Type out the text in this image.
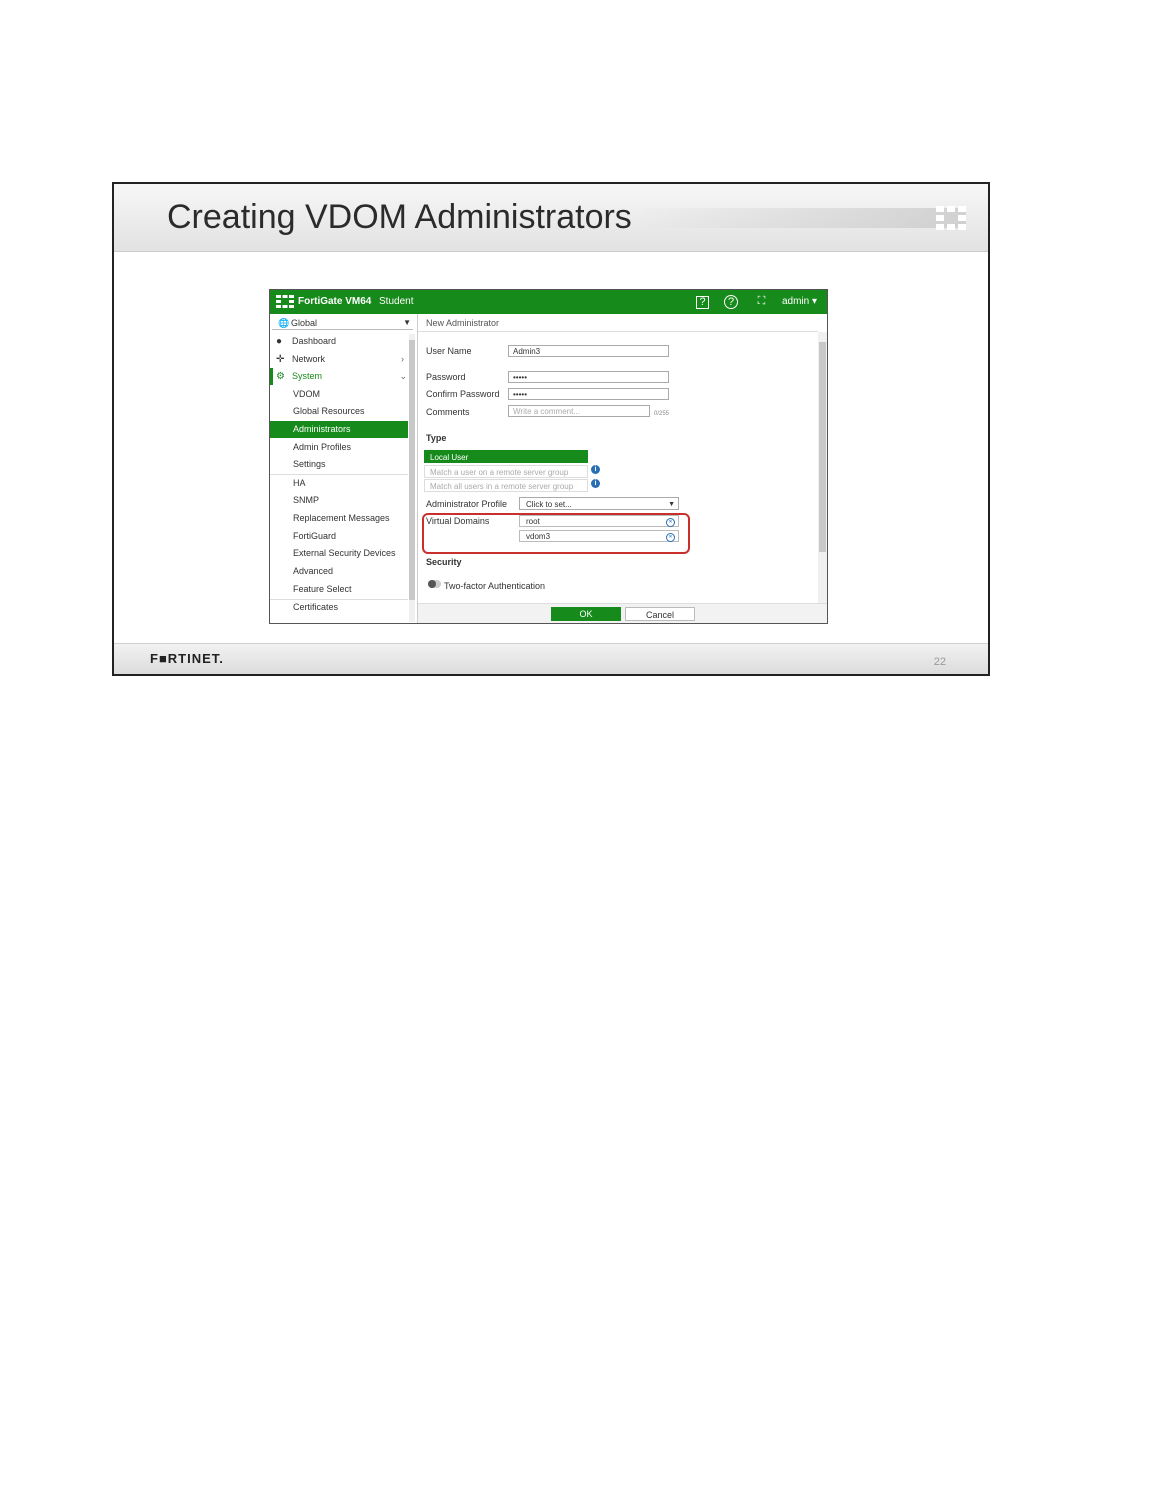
Creating VDOM Administrators
FortiGate VM64 Student	?	?	⛶	admin ▾
🌐 Global	▼
● Dashboard
✛ Network	›
⚙ System	⌄
VDOM
Global Resources
Administrators
Admin Profiles
Settings
HA
SNMP
Replacement Messages
FortiGuard
External Security Devices
Advanced
Feature Select
Certificates
New Administrator
User Name	Admin3
Password	•••••
Confirm Password	•••••
Comments	Write a comment...	0/255
Type
Local User
Match a user on a remote server group	i
Match all users in a remote server group	i
Administrator Profile	Click to set...	▼
Virtual Domains	root	✕
vdom3	✕
Security
Two-factor Authentication
OK	Cancel
F■RTINET.	22
